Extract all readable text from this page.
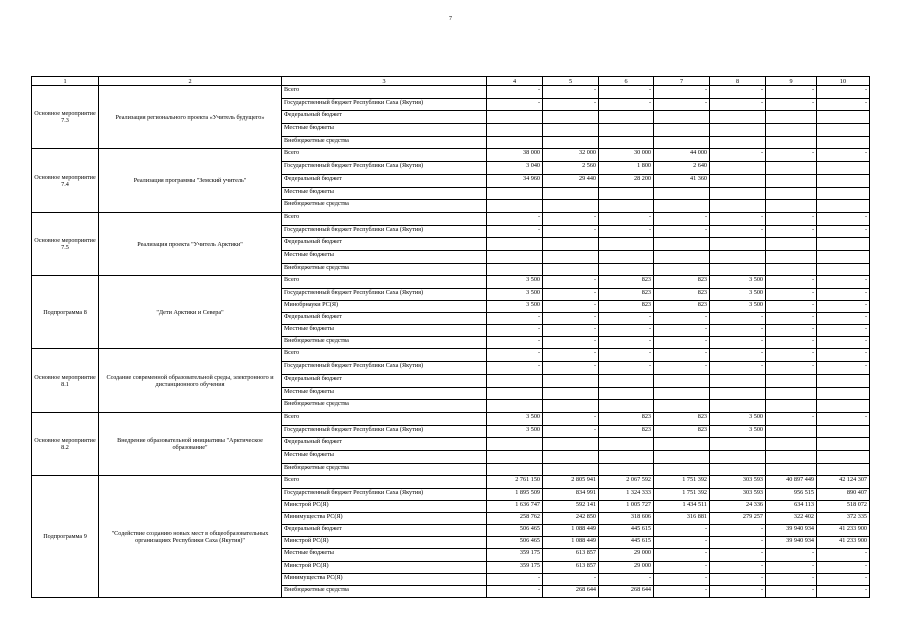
7
1	2	3	4	5	6	7	8	9	10
Основное мероприятие 7.3	Реализация регионального проекта «Учитель будущего»	Всего	-	-	-	-	-	-	-
		Государственный бюджет Республики Саха (Якутия)	-	-	-	-	-	-	-
		Федеральный бюджет							
		Местные бюджеты							
		Внебюджетные средства							
Основное мероприятие 7.4	Реализация программы "Земский учитель"	Всего	38 000	32 000	30 000	44 000	-	-	-
		Государственный бюджет Республики Саха (Якутия)	3 040	2 560	1 800	2 640			
		Федеральный бюджет	34 960	29 440	28 200	41 360			
		Местные бюджеты							
		Внебюджетные средства							
Основное мероприятие 7.5	Реализация проекта "Учитель Арктики"	Всего	-	-	-	-	-	-	-
		Государственный бюджет Республики Саха (Якутия)	-	-	-	-	-	-	-
		Федеральный бюджет							
		Местные бюджеты							
		Внебюджетные средства							
Подпрограмма 8	"Дети Арктики и Севера"	Всего	3 500	-	823	823	3 500	-	-
		Государственный бюджет Республики Саха (Якутия)	3 500	-	823	823	3 500	-	-
		Минобрнауки РС(Я)	3 500	-	823	823	3 500	-	-
		Федеральный бюджет	-	-	-	-	-	-	-
		Местные бюджеты	-	-	-	-	-	-	-
		Внебюджетные средства	-	-	-	-	-	-	-
Основное мероприятие 8.1	Создание современной образовательной среды, электронного и дистанционного обучения	Всего	-	-	-	-	-	-	-
		Государственный бюджет Республики Саха (Якутия)	-	-	-	-	-	-	-
		Федеральный бюджет							
		Местные бюджеты							
		Внебюджетные средства							
Основное мероприятие 8.2	Внедрение образовательной инициативы "Арктическое образование"	Всего	3 500	-	823	823	3 500	-	-
		Государственный бюджет Республики Саха (Якутия)	3 500	-	823	823	3 500		
		Федеральный бюджет							
		Местные бюджеты							
		Внебюджетные средства							
Подпрограмма 9	"Содействие созданию новых мест в общеобразовательных организациях Республики Саха (Якутия)"	Всего	2 761 150	2 805 941	2 067 592	1 751 392	303 593	40 897 449	42 124 307
		Государственный бюджет Республики Саха (Якутия)	1 895 509	834 991	1 324 333	1 751 392	303 593	956 515	890 407
		Минстрой РС(Я)	1 636 747	592 141	1 005 727	1 434 511	24 336	634 113	518 072
		Минимущества РС(Я)	258 762	242 850	318 606	316 881	279 257	322 402	372 335
		Федеральный бюджет	506 465	1 088 449	445 615	-	-	39 940 934	41 233 900
		Минстрой РС(Я)	506 465	1 088 449	445 615	-	-	39 940 934	41 233 900
		Местные бюджеты	359 175	613 857	29 000	-	-	-	-
		Минстрой РС(Я)	359 175	613 857	29 000	-	-	-	-
		Минимущества РС(Я)	-	-	-	-	-	-	-
		Внебюджетные средства	-	268 644	268 644	-	-	-	-
